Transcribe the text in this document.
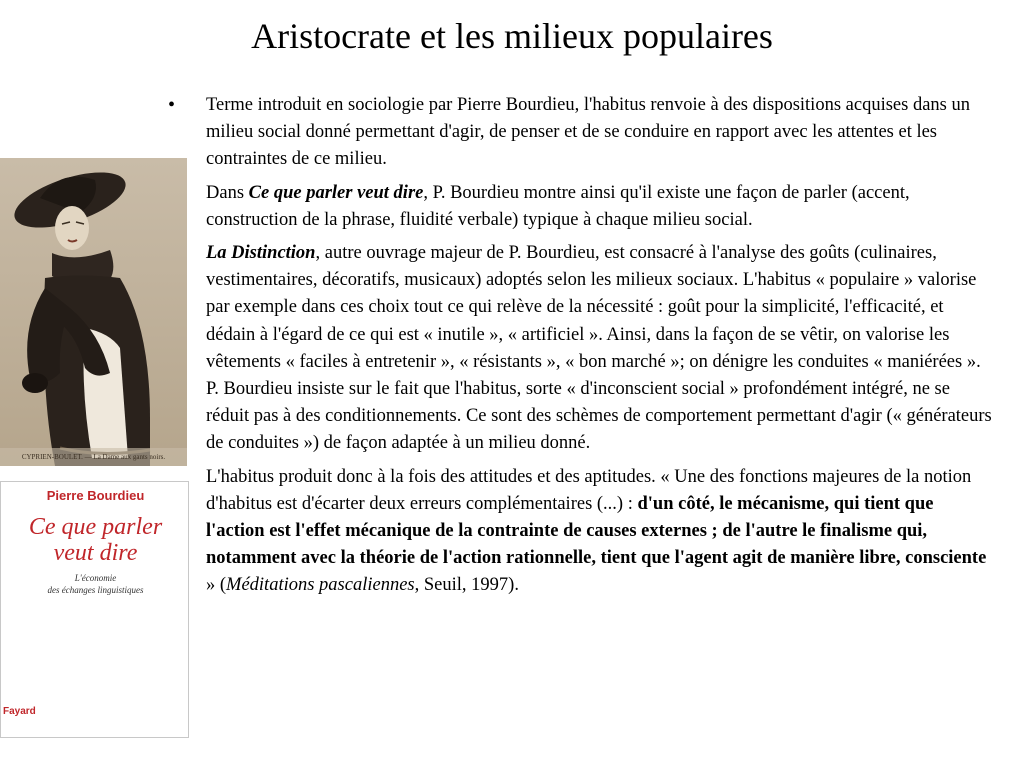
Aristocrate et les milieux populaires
CYPRIEN-BOULET. — La Dame aux gants noirs.
Pierre Bourdieu
Ce que parler
veut dire
L'économie
des échanges linguistiques
Fayard
• Terme introduit en sociologie par Pierre Bourdieu, l'habitus renvoie à des dispositions acquises dans un milieu social donné permettant d'agir, de penser et de se conduire en rapport avec les attentes et les contraintes de ce milieu.

Dans Ce que parler veut dire, P. Bourdieu montre ainsi qu'il existe une façon de parler (accent, construction de la phrase, fluidité verbale) typique à chaque milieu social.

La Distinction, autre ouvrage majeur de P. Bourdieu, est consacré à l'analyse des goûts (culinaires, vestimentaires, décoratifs, musicaux) adoptés selon les milieux sociaux. L'habitus « populaire » valorise par exemple dans ces choix tout ce qui relève de la nécessité : goût pour la simplicité, l'efficacité, et dédain à l'égard de ce qui est « inutile », « artificiel ». Ainsi, dans la façon de se vêtir, on valorise les vêtements « faciles à entretenir », « résistants », « bon marché »; on dénigre les conduites « maniérées ». P. Bourdieu insiste sur le fait que l'habitus, sorte « d'inconscient social » profondément intégré, ne se réduit pas à des conditionnements. Ce sont des schèmes de comportement permettant d'agir (« générateurs de conduites ») de façon adaptée à un milieu donné.

L'habitus produit donc à la fois des attitudes et des aptitudes. « Une des fonctions majeures de la notion d'habitus est d'écarter deux erreurs complémentaires (...) : d'un côté, le mécanisme, qui tient que l'action est l'effet mécanique de la contrainte de causes externes ; de l'autre le finalisme qui, notamment avec la théorie de l'action rationnelle, tient que l'agent agit de manière libre, consciente » (Méditations pascaliennes, Seuil, 1997).
